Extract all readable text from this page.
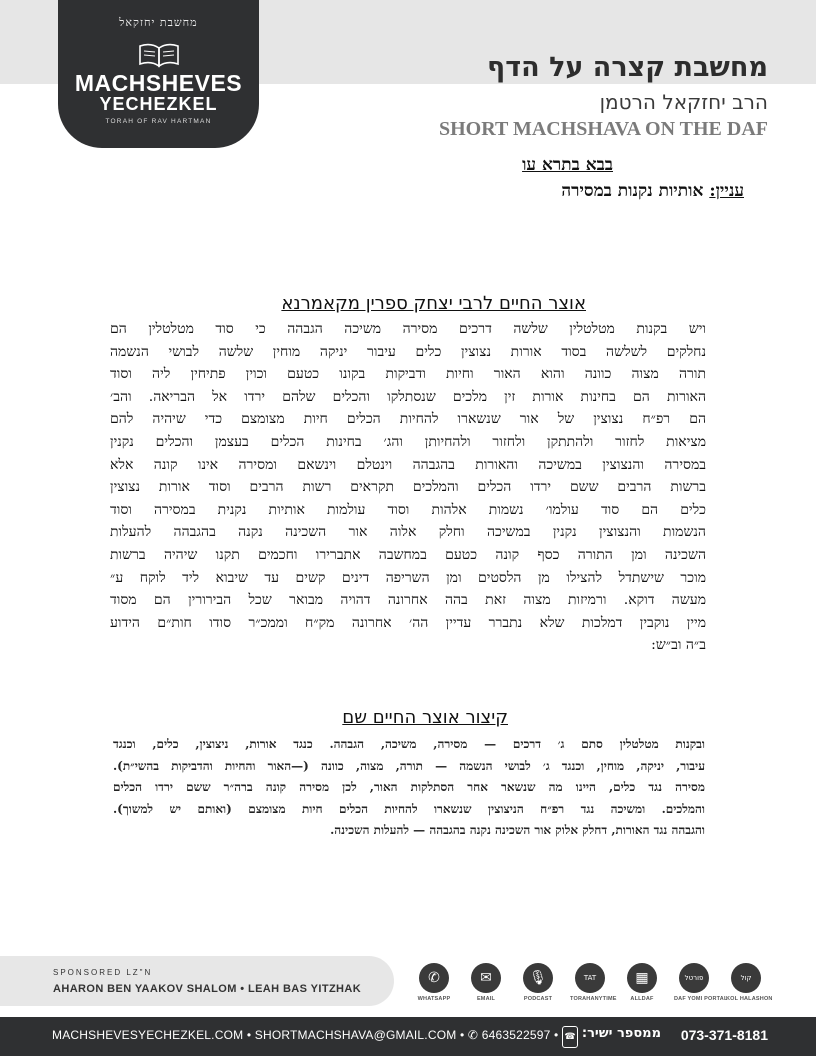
מחשבת יחזקאל
MACHSHEVES
YECHEZKEL
TORAH OF RAV HARTMAN
מחשבת קצרה על הדף
הרב יחזקאל הרטמן
SHORT MACHSHAVA ON THE DAF
בבא בתרא עו
עניין: אותיות נקנות במסירה
אוצר החיים לרבי יצחק ספרין מקאמרנא
ויש בקנות מטלטלין שלשה דרכים מסירה משיכה הגבהה כי סוד מטלטלין הם
נחלקים לשלשה בסוד אורות נצוצין כלים עיבור יניקה מוחין שלשה לבושי הנשמה
תורה מצוה כוונה והוא האור וחיות ודביקות בקונו כטעם וכוין פתיחין ליה וסוד
האורות הם בחינות אורות זין מלכים שנסתלקו והכלים שלהם ירדו אל הבריאה. והב׳
הם רפ״ח נצוצין של אור שנשארו להחיות הכלים חיות מצומצם כדי שיהיה להם
מציאות לחזור ולהתתקן ולחזור ולהחיותן והג׳ בחינות הכלים בעצמן והכלים נקנין
במסירה והנצוצין במשיכה והאורות בהגבהה וינטלם וינשאם ומסירה אינו קונה אלא
ברשות הרבים ששם ירדו הכלים והמלכים תקראים רשות הרבים וסוד אורות נצוצין
כלים הם סוד עולמו׳ נשמות אלהות וסוד עולמות אותיות נקנית במסירה וסוד
הנשמות והנצוצין נקנין במשיכה וחלק אלוה אור השכינה נקנה בהגבהה להעלות
השכינה ומן התורה כסף קונה כטעם במחשבה אתברירו וחכמים תקנו שיהיה ברשות
מוכר שישתדל להצילו מן הלסטים ומן השריפה דינים קשים עד שיבוא ליד לוקח ע״
מעשה דוקא. ורמיזות מצוה זאת בהה אחרונה דהויה מבואר שכל הבירורין הם מסוד
מיין נוקבין דמלכות שלא נתברר עדיין הה׳ אחרונה מק״ח וממכ״ר סודו חות״ם הידוע
ב״ה וב״ש:
קיצור אוצר החיים שם
ובקנות מטלטלין סתם ג׳ דרכים — מסירה, משיכה, הגבהה. כנגד אורות, ניצוצין, כלים, וכנגד
עיבור, יניקה, מוחין, וכנגד ג׳ לבושי הנשמה — תורה, מצוה, כוונה (—האור והחיות והדביקות בהשי״ת).
מסירה נגד כלים, היינו מה שנשאר אחר הסתלקות האור, לכן מסירה קונה ברה״ר ששם ירדו הכלים
והמלכים. ומשיכה נגד רפ״ח הניצוצין שנשארו להחיות הכלים חיות מצומצם (ואותם יש למשוך).
והגבהה נגד האורות, דחלק אלוק אור השכינה נקנה בהגבהה — להעלות השכינה.
SPONSORED LZ"N
AHARON BEN YAAKOV SHALOM • LEAH BAS YITZHAK
✆
WHATSAPP
✉
EMAIL
🎙
PODCAST
TAT
TORAHANYTIME
▦
ALLDAF
פורטל
DAF YOMI PORTAL
קול
KOL HALASHON
MACHSHEVESYECHEZKEL.COM • SHORTMACHSHAVA@GMAIL.COM • ✆ 6463522597 • ☎ ממספר ישיר: 073-371-8181
